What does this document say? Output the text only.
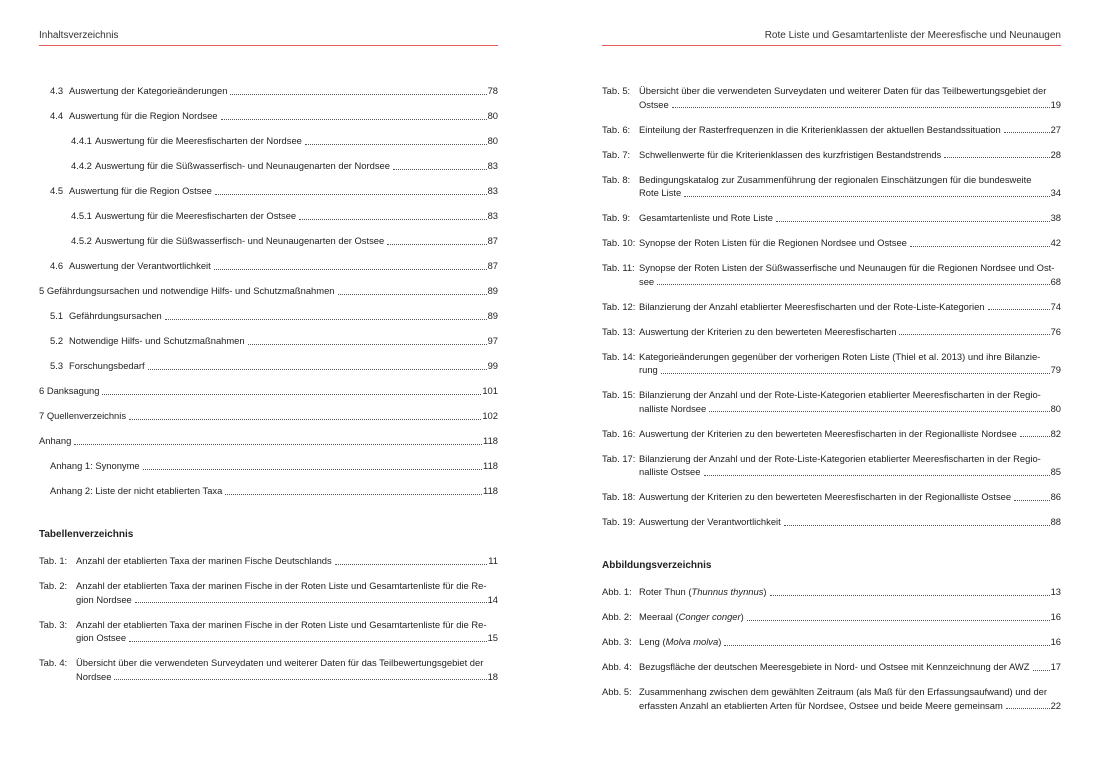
Inhaltsverzeichnis
4.3 Auswertung der Kategorieänderungen	78
4.4 Auswertung für die Region Nordsee	80
4.4.1 Auswertung für die Meeresfischarten der Nordsee	80
4.4.2 Auswertung für die Süßwasserfisch- und Neunaugenarten der Nordsee	83
4.5 Auswertung für die Region Ostsee	83
4.5.1 Auswertung für die Meeresfischarten der Ostsee	83
4.5.2 Auswertung für die Süßwasserfisch- und Neunaugenarten der Ostsee	87
4.6 Auswertung der Verantwortlichkeit	87
5 Gefährdungsursachen und notwendige Hilfs- und Schutzmaßnahmen	89
5.1 Gefährdungsursachen	89
5.2 Notwendige Hilfs- und Schutzmaßnahmen	97
5.3 Forschungsbedarf	99
6 Danksagung	101
7 Quellenverzeichnis	102
Anhang	118
Anhang 1: Synonyme	118
Anhang 2: Liste der nicht etablierten Taxa	118
Tabellenverzeichnis
Tab. 1: Anzahl der etablierten Taxa der marinen Fische Deutschlands	11
Tab. 2: Anzahl der etablierten Taxa der marinen Fische in der Roten Liste und Gesamtartenliste für die Re-
gion Nordsee	14
Tab. 3: Anzahl der etablierten Taxa der marinen Fische in der Roten Liste und Gesamtartenliste für die Re-
gion Ostsee	15
Tab. 4: Übersicht über die verwendeten Surveydaten und weiterer Daten für das Teilbewertungsgebiet der
Nordsee	18
Rote Liste und Gesamtartenliste der Meeresfische und Neunaugen
Tab. 5: Übersicht über die verwendeten Surveydaten und weiterer Daten für das Teilbewertungsgebiet der
Ostsee	19
Tab. 6: Einteilung der Rasterfrequenzen in die Kriterienklassen der aktuellen Bestandssituation	27
Tab. 7: Schwellenwerte für die Kriterienklassen des kurzfristigen Bestandstrends	28
Tab. 8: Bedingungskatalog zur Zusammenführung der regionalen Einschätzungen für die bundesweite
Rote Liste	34
Tab. 9: Gesamtartenliste und Rote Liste	38
Tab. 10: Synopse der Roten Listen für die Regionen Nordsee und Ostsee	42
Tab. 11: Synopse der Roten Listen der Süßwasserfische und Neunaugen für die Regionen Nordsee und Ost-
see	68
Tab. 12: Bilanzierung der Anzahl etablierter Meeresfischarten und der Rote-Liste-Kategorien	74
Tab. 13: Auswertung der Kriterien zu den bewerteten Meeresfischarten	76
Tab. 14: Kategorieänderungen gegenüber der vorherigen Roten Liste (Thiel et al. 2013) und ihre Bilanzie-
rung	79
Tab. 15: Bilanzierung der Anzahl und der Rote-Liste-Kategorien etablierter Meeresfischarten in der Regio-
nalliste Nordsee	80
Tab. 16: Auswertung der Kriterien zu den bewerteten Meeresfischarten in der Regionalliste Nordsee	82
Tab. 17: Bilanzierung der Anzahl und der Rote-Liste-Kategorien etablierter Meeresfischarten in der Regio-
nalliste Ostsee	85
Tab. 18: Auswertung der Kriterien zu den bewerteten Meeresfischarten in der Regionalliste Ostsee	86
Tab. 19: Auswertung der Verantwortlichkeit	88
Abbildungsverzeichnis
Abb. 1: Roter Thun (Thunnus thynnus)	13
Abb. 2: Meeraal (Conger conger)	16
Abb. 3: Leng (Molva molva)	16
Abb. 4: Bezugsfläche der deutschen Meeresgebiete in Nord- und Ostsee mit Kennzeichnung der AWZ 17
Abb. 5: Zusammenhang zwischen dem gewählten Zeitraum (als Maß für den Erfassungsaufwand) und der
erfassten Anzahl an etablierten Arten für Nordsee, Ostsee und beide Meere gemeinsam	22
